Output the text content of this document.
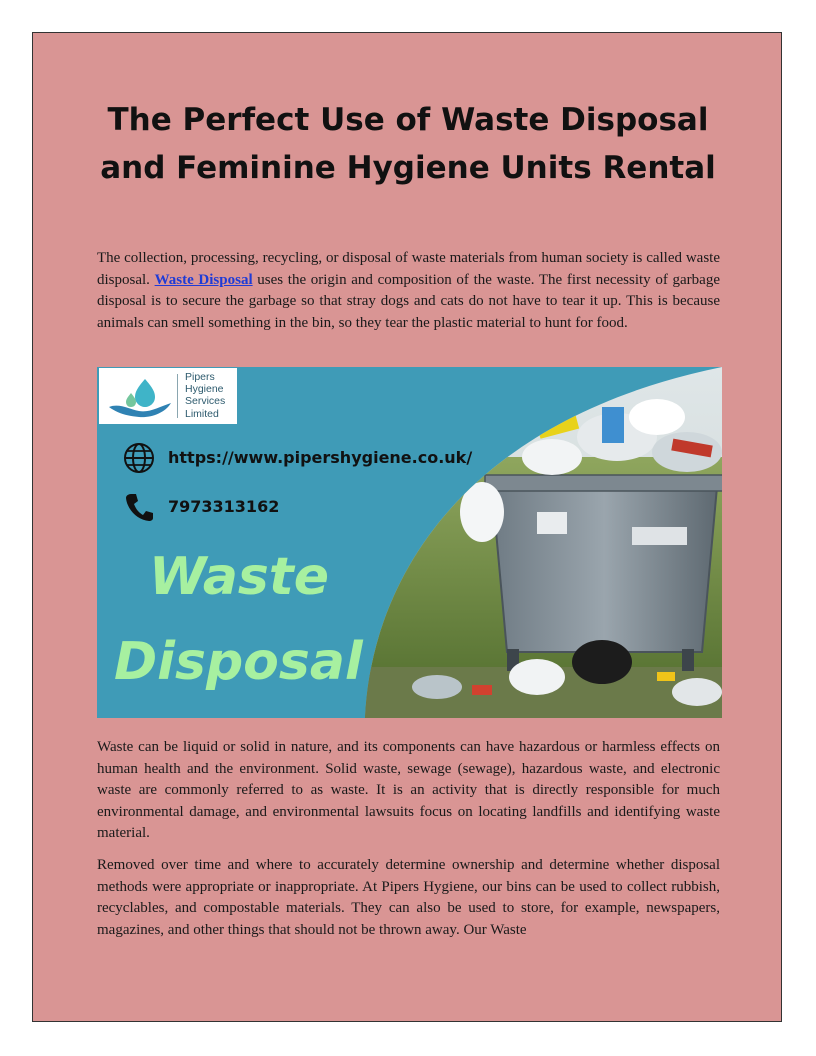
The Perfect Use of Waste Disposal and Feminine Hygiene Units Rental

The collection, processing, recycling, or disposal of waste materials from human society is called waste disposal. Waste Disposal uses the origin and composition of the waste. The first necessity of garbage disposal is to secure the garbage so that stray dogs and cats do not have to tear it up. This is because animals can smell something in the bin, so they tear the plastic material to hunt for food.

Pipers
Hygiene
Services
Limited
https://www.pipershygiene.co.uk/
7973313162
Waste
Disposal

Waste can be liquid or solid in nature, and its components can have hazardous or harmless effects on human health and the environment. Solid waste, sewage (sewage), hazardous waste, and electronic waste are commonly referred to as waste. It is an activity that is directly responsible for much environmental damage, and environmental lawsuits focus on locating landfills and identifying waste material.

Removed over time and where to accurately determine ownership and determine whether disposal methods were appropriate or inappropriate. At Pipers Hygiene, our bins can be used to collect rubbish, recyclables, and compostable materials. They can also be used to store, for example, newspapers, magazines, and other things that should not be thrown away. Our Waste
